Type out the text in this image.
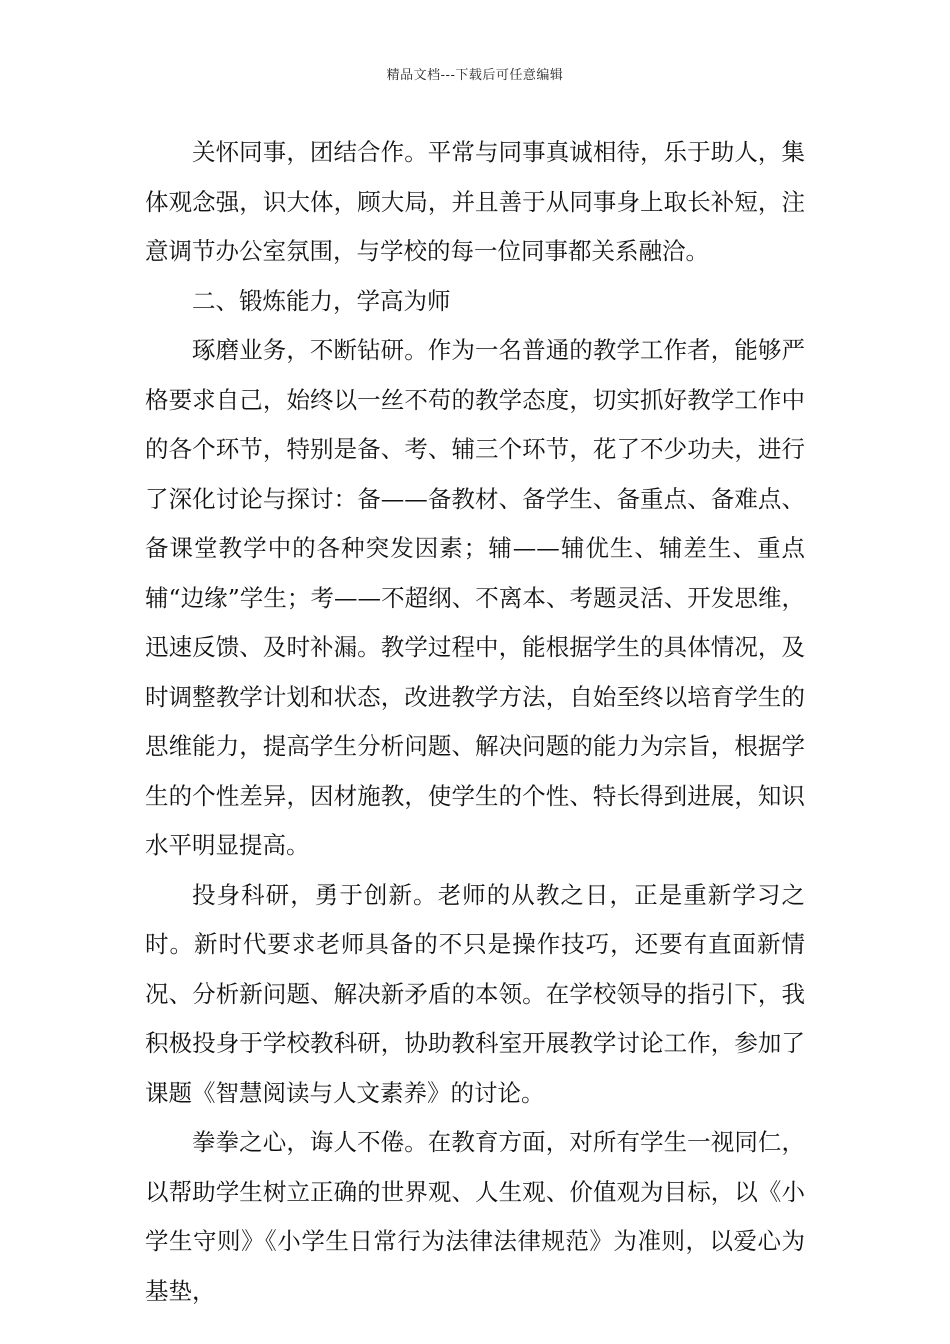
精品文档---下载后可任意编辑

关怀同事，团结合作。平常与同事真诚相待，乐于助人，集体观念强，识大体，顾大局，并且善于从同事身上取长补短，注意调节办公室氛围，与学校的每一位同事都关系融洽。

二、锻炼能力，学高为师

琢磨业务，不断钻研。作为一名普通的教学工作者，能够严格要求自己，始终以一丝不苟的教学态度，切实抓好教学工作中的各个环节，特别是备、考、辅三个环节，花了不少功夫，进行了深化讨论与探讨：备——备教材、备学生、备重点、备难点、备课堂教学中的各种突发因素；辅——辅优生、辅差生、重点辅“边缘”学生；考——不超纲、不离本、考题灵活、开发思维，迅速反馈、及时补漏。教学过程中，能根据学生的具体情况，及时调整教学计划和状态，改进教学方法，自始至终以培育学生的思维能力，提高学生分析问题、解决问题的能力为宗旨，根据学生的个性差异，因材施教，使学生的个性、特长得到进展，知识水平明显提高。

投身科研，勇于创新。老师的从教之日，正是重新学习之时。新时代要求老师具备的不只是操作技巧，还要有直面新情况、分析新问题、解决新矛盾的本领。在学校领导的指引下，我积极投身于学校教科研，协助教科室开展教学讨论工作，参加了课题《智慧阅读与人文素养》的讨论。

拳拳之心，诲人不倦。在教育方面，对所有学生一视同仁，以帮助学生树立正确的世界观、人生观、价值观为目标，以《小学生守则》《小学生日常行为法律法律规范》为准则，以爱心为基垫，
